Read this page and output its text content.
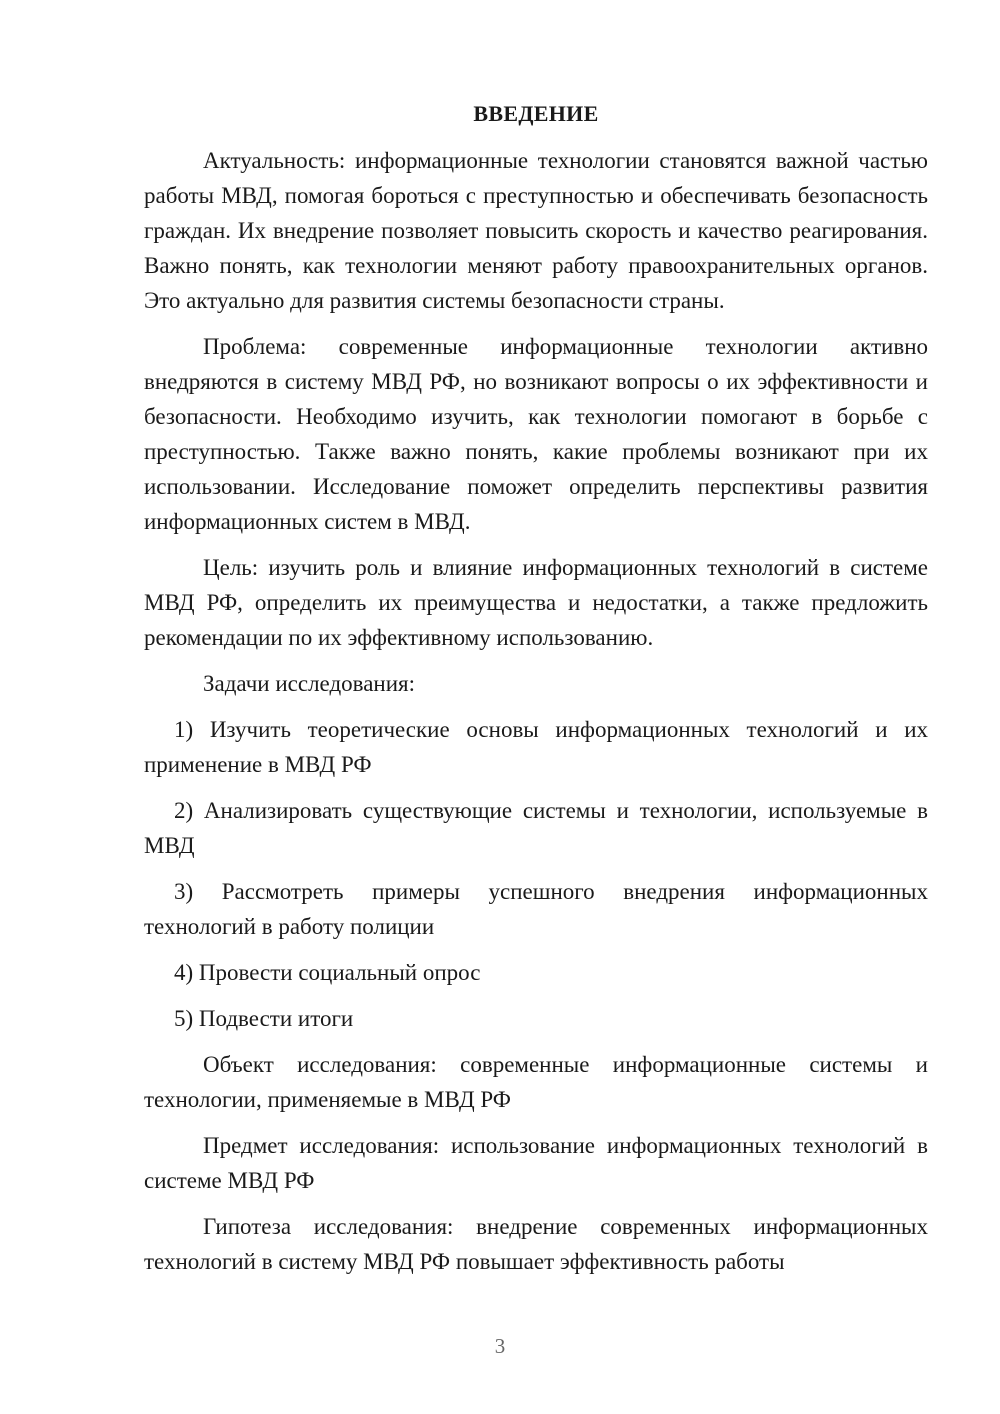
ВВЕДЕНИЕ

Актуальность: информационные технологии становятся важной частью работы МВД, помогая бороться с преступностью и обеспечивать безопасность граждан. Их внедрение позволяет повысить скорость и качество реагирования. Важно понять, как технологии меняют работу правоохранительных органов. Это актуально для развития системы безопасности страны.

Проблема: современные информационные технологии активно внедряются в систему МВД РФ, но возникают вопросы о их эффективности и безопасности. Необходимо изучить, как технологии помогают в борьбе с преступностью. Также важно понять, какие проблемы возникают при их использовании. Исследование поможет определить перспективы развития информационных систем в МВД.

Цель: изучить роль и влияние информационных технологий в системе МВД РФ, определить их преимущества и недостатки, а также предложить рекомендации по их эффективному использованию.

Задачи исследования:

1) Изучить теоретические основы информационных технологий и их применение в МВД РФ

2) Анализировать существующие системы и технологии, используемые в МВД

3) Рассмотреть примеры успешного внедрения информационных технологий в работу полиции

4) Провести социальный опрос

5) Подвести итоги

Объект исследования: современные информационные системы и технологии, применяемые в МВД РФ

Предмет исследования: использование информационных технологий в системе МВД РФ

Гипотеза исследования: внедрение современных информационных технологий в систему МВД РФ повышает эффективность работы

3
